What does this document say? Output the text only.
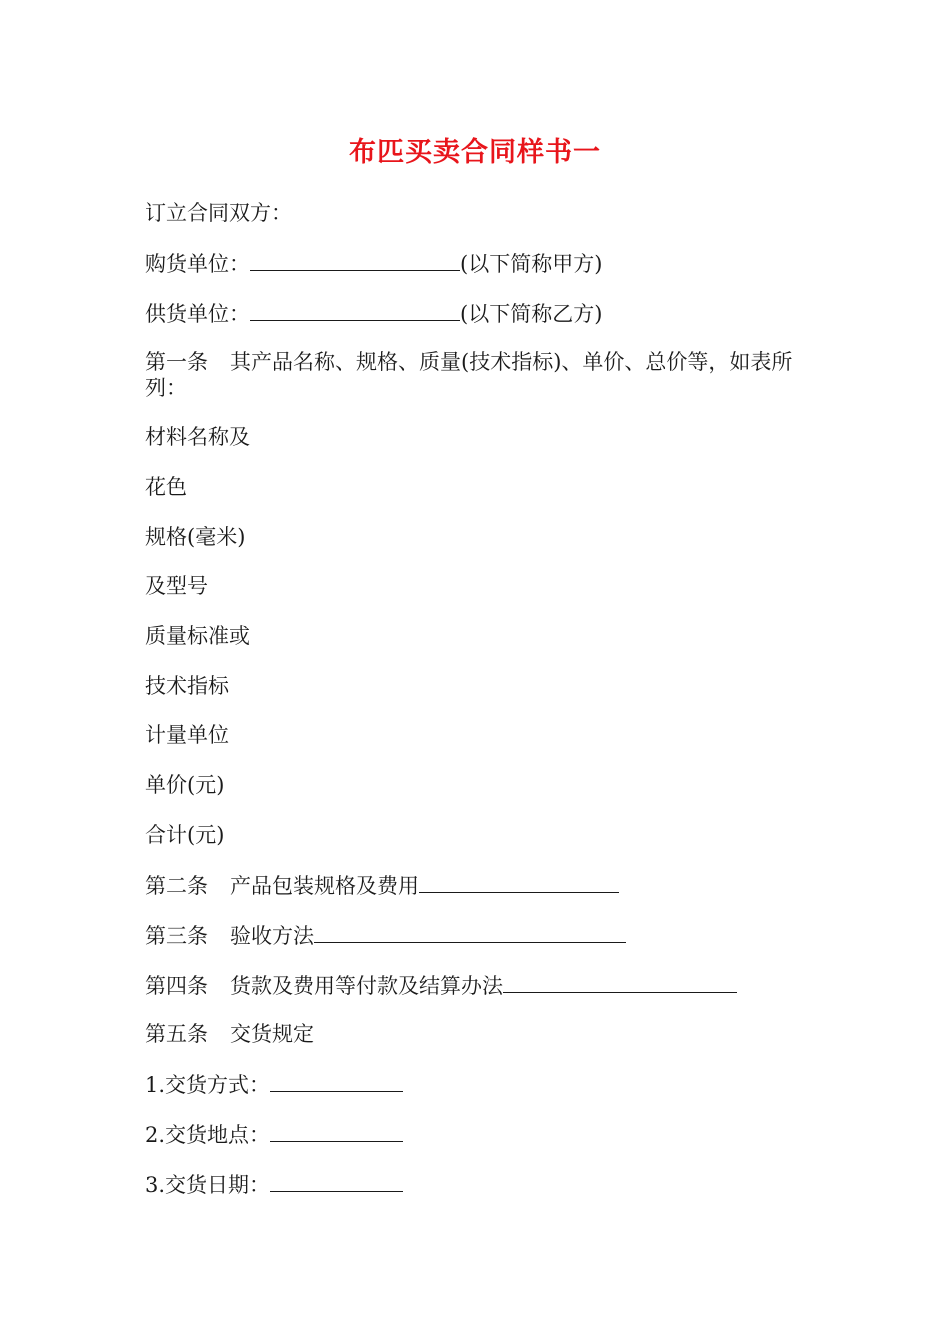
布匹买卖合同样书一
订立合同双方：
购货单位：	(以下简称甲方)
供货单位：	(以下简称乙方)
第一条 其产品名称、规格、质量(技术指标)、单价、总价等，如表所列：
材料名称及
花色
规格(毫米)
及型号
质量标准或
技术指标
计量单位
单价(元)
合计(元)
第二条 产品包装规格及费用
第三条 验收方法
第四条 货款及费用等付款及结算办法
第五条 交货规定
1.交货方式：
2.交货地点：
3.交货日期：
